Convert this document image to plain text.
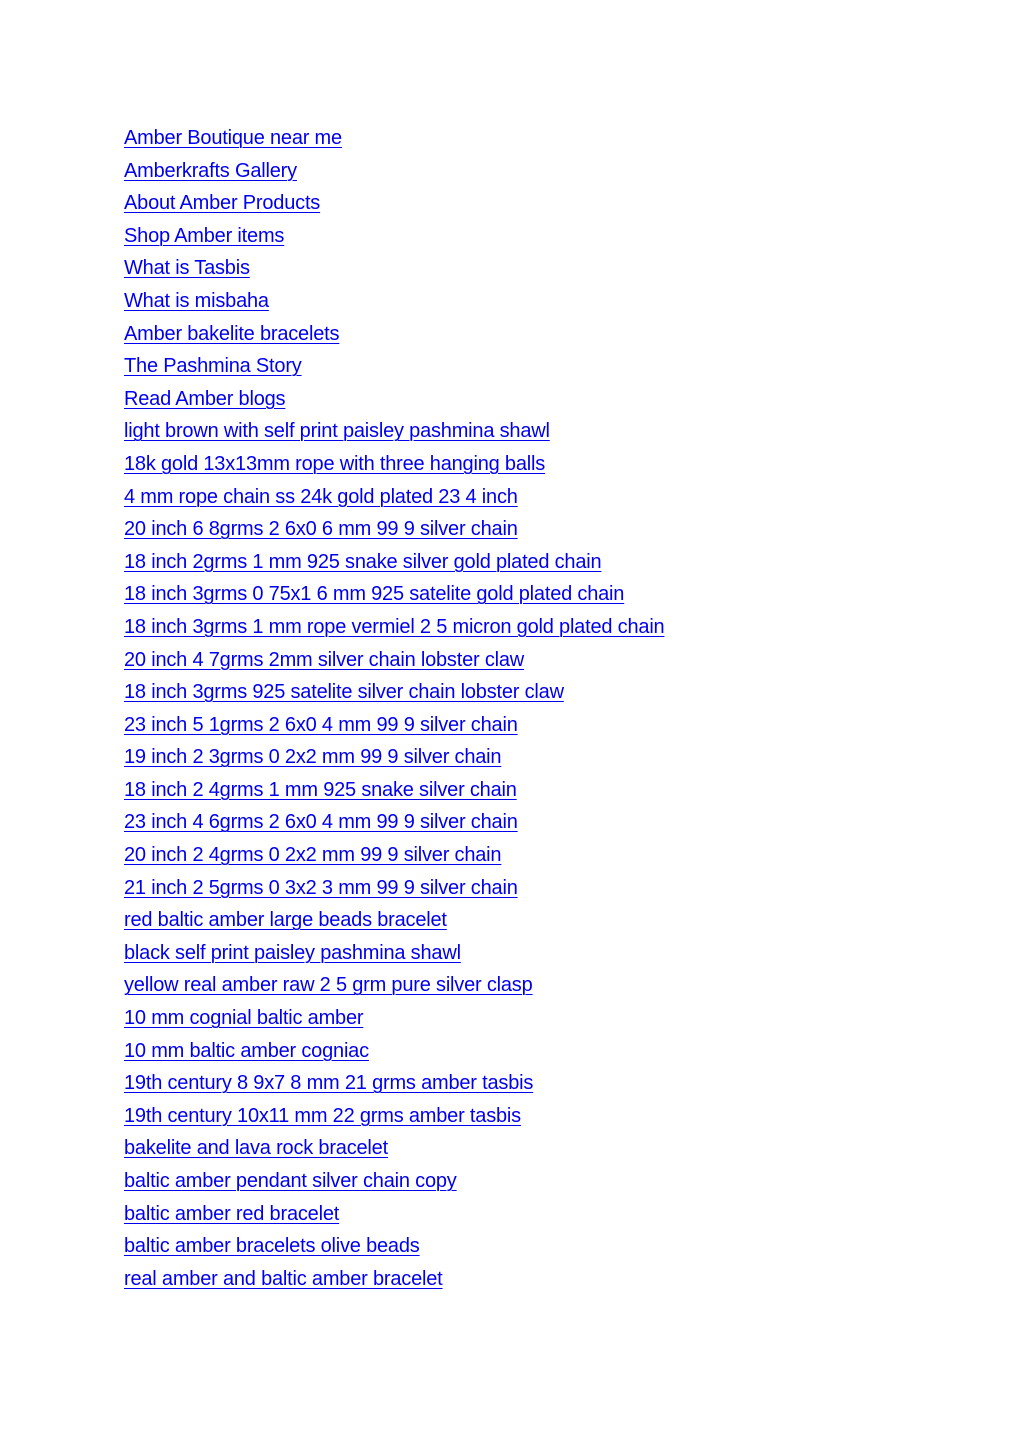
Amber Boutique near me
Amberkrafts Gallery
About Amber Products
Shop Amber items
What is Tasbis
What is misbaha
Amber bakelite bracelets
The Pashmina Story
Read Amber blogs
light brown with self print paisley pashmina shawl
18k gold 13x13mm rope with three hanging balls
4 mm rope chain ss 24k gold plated 23 4 inch
20 inch 6 8grms 2 6x0 6 mm 99 9 silver chain
18 inch 2grms 1 mm 925 snake silver gold plated chain
18 inch 3grms 0 75x1 6 mm 925 satelite gold plated chain
18 inch 3grms 1 mm rope vermiel 2 5 micron gold plated chain
20 inch 4 7grms 2mm silver chain lobster claw
18 inch 3grms 925 satelite silver chain lobster claw
23 inch 5 1grms 2 6x0 4 mm 99 9 silver chain
19 inch 2 3grms 0 2x2 mm 99 9 silver chain
18 inch 2 4grms 1 mm 925 snake silver chain
23 inch 4 6grms 2 6x0 4 mm 99 9 silver chain
20 inch 2 4grms 0 2x2 mm 99 9 silver chain
21 inch 2 5grms 0 3x2 3 mm 99 9 silver chain
red baltic amber large beads bracelet
black self print paisley pashmina shawl
yellow real amber raw 2 5 grm pure silver clasp
10 mm cognial baltic amber
10 mm baltic amber cogniac
19th century 8 9x7 8 mm 21 grms amber tasbis
19th century 10x11 mm 22 grms amber tasbis
bakelite and lava rock bracelet
baltic amber pendant silver chain copy
baltic amber red bracelet
baltic amber bracelets olive beads
real amber and baltic amber bracelet
